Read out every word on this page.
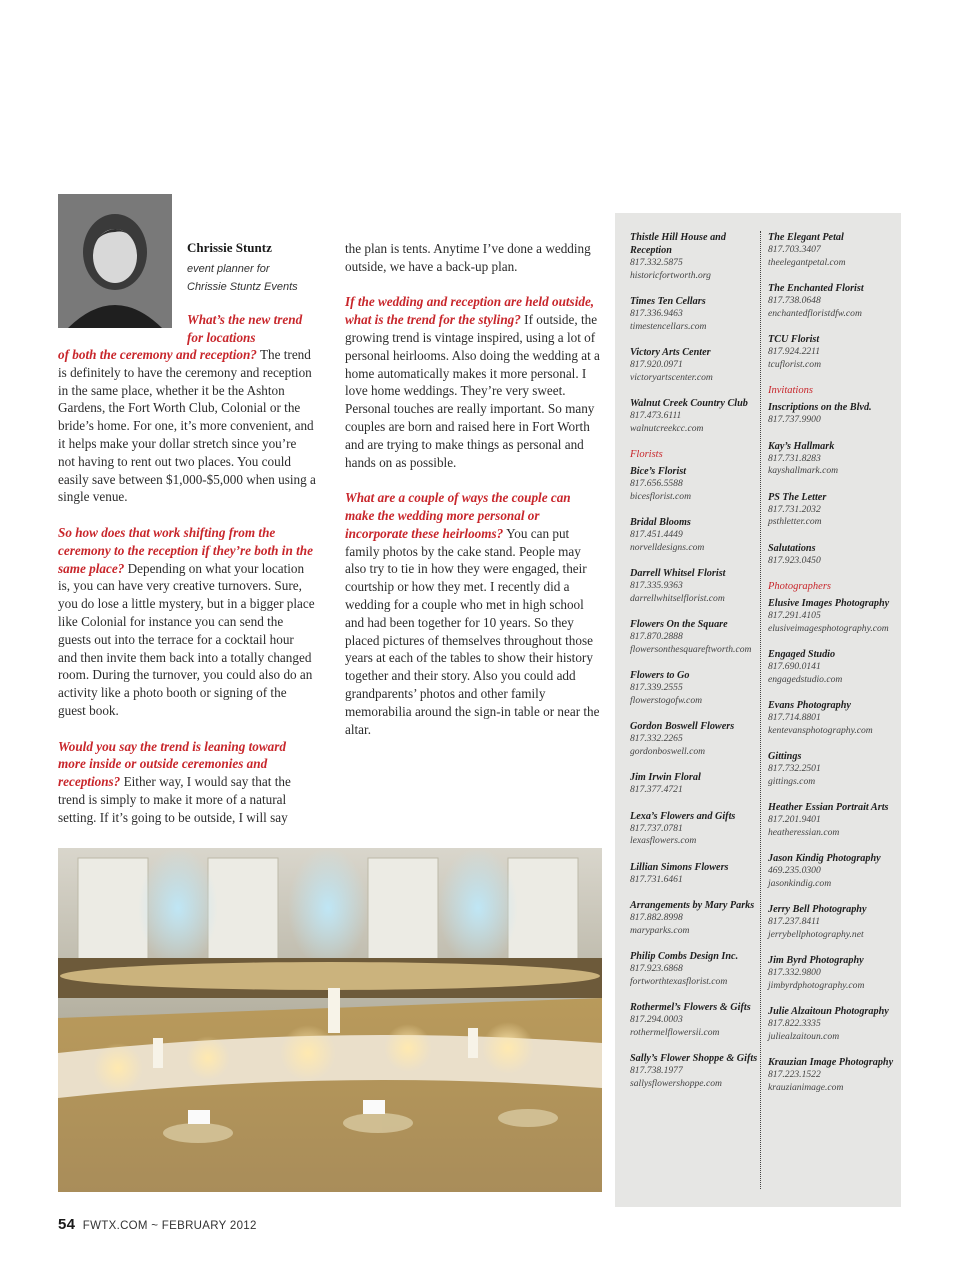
Chrissie Stuntz
event planner for
Chrissie Stuntz Events
What’s the new trend for locations

of both the ceremony and reception? The trend is definitely to have the ceremony and reception in the same place, whether it be the Ashton Gardens, the Fort Worth Club, Colonial or the bride’s home. For one, it’s more convenient, and it helps make your dollar stretch since you’re not having to rent out two places. You could easily save between $1,000-$5,000 when using a single venue.

So how does that work shifting from the ceremony to the reception if they’re both in the same place? Depending on what your location is, you can have very creative turnovers. Sure, you do lose a little mystery, but in a bigger place like Colonial for instance you can send the guests out into the terrace for a cocktail hour and then invite them back into a totally changed room. During the turnover, you could also do an activity like a photo booth or signing of the guest book.

Would you say the trend is leaning toward more inside or outside ceremonies and receptions? Either way, I would say that the trend is simply to make it more of a natural setting. If it’s going to be outside, I will say

the plan is tents. Anytime I’ve done a wedding outside, we have a back-up plan.

If the wedding and reception are held outside, what is the trend for the styling? If outside, the growing trend is vintage inspired, using a lot of personal heirlooms. Also doing the wedding at a home automatically makes it more personal. I love home weddings. They’re very sweet. Personal touches are really important. So many couples are born and raised here in Fort Worth and are trying to make things as personal and hands on as possible.

What are a couple of ways the couple can make the wedding more personal or incorporate these heirlooms? You can put family photos by the cake stand. People may also try to tie in how they were engaged, their courtship or how they met. I recently did a wedding for a couple who met in high school and had been together for 10 years. So they placed pictures of themselves throughout those years at each of the tables to show their history together and their story. Also you could add grandparents’ photos and other family memorabilia around the sign-in table or near the altar.

54 FWTX.COM ~ FEBRUARY 2012
Thistle Hill House and Reception
817.332.5875
historicfortworth.org
Times Ten Cellars
817.336.9463
timestencellars.com
Victory Arts Center
817.920.0971
victoryartscenter.com
Walnut Creek Country Club
817.473.6111
walnutcreekcc.com
Florists
Bice’s Florist
817.656.5588
bicesflorist.com
Bridal Blooms
817.451.4449
norvelldesigns.com
Darrell Whitsel Florist
817.335.9363
darrellwhitselflorist.com
Flowers On the Square
817.870.2888
flowersonthesquareftworth.com
Flowers to Go
817.339.2555
flowerstogofw.com
Gordon Boswell Flowers
817.332.2265
gordonboswell.com
Jim Irwin Floral
817.377.4721
Lexa’s Flowers and Gifts
817.737.0781
lexasflowers.com
Lillian Simons Flowers
817.731.6461
Arrangements by Mary Parks
817.882.8998
maryparks.com
Philip Combs Design Inc.
817.923.6868
fortworthtexasflorist.com
Rothermel’s Flowers & Gifts
817.294.0003
rothermelflowersii.com
Sally’s Flower Shoppe & Gifts
817.738.1977
sallysflowershoppe.com
The Elegant Petal
817.703.3407
theelegantpetal.com
The Enchanted Florist
817.738.0648
enchantedfloristdfw.com
TCU Florist
817.924.2211
tcuflorist.com
Invitations
Inscriptions on the Blvd.
817.737.9900
Kay’s Hallmark
817.731.8283
kayshallmark.com
PS The Letter
817.731.2032
psthletter.com
Salutations
817.923.0450
Photographers
Elusive Images Photography
817.291.4105
elusiveimagesphotography.com
Engaged Studio
817.690.0141
engagedstudio.com
Evans Photography
817.714.8801
kentevansphotography.com
Gittings
817.732.2501
gittings.com
Heather Essian Portrait Arts
817.201.9401
heatheressian.com
Jason Kindig Photography
469.235.0300
jasonkindig.com
Jerry Bell Photography
817.237.8411
jerrybellphotography.net
Jim Byrd Photography
817.332.9800
jimbyrdphotography.com
Julie Alzaitoun Photography
817.822.3335
juliealzaitoun.com
Krauzian Image Photography
817.223.1522
krauzianimage.com
